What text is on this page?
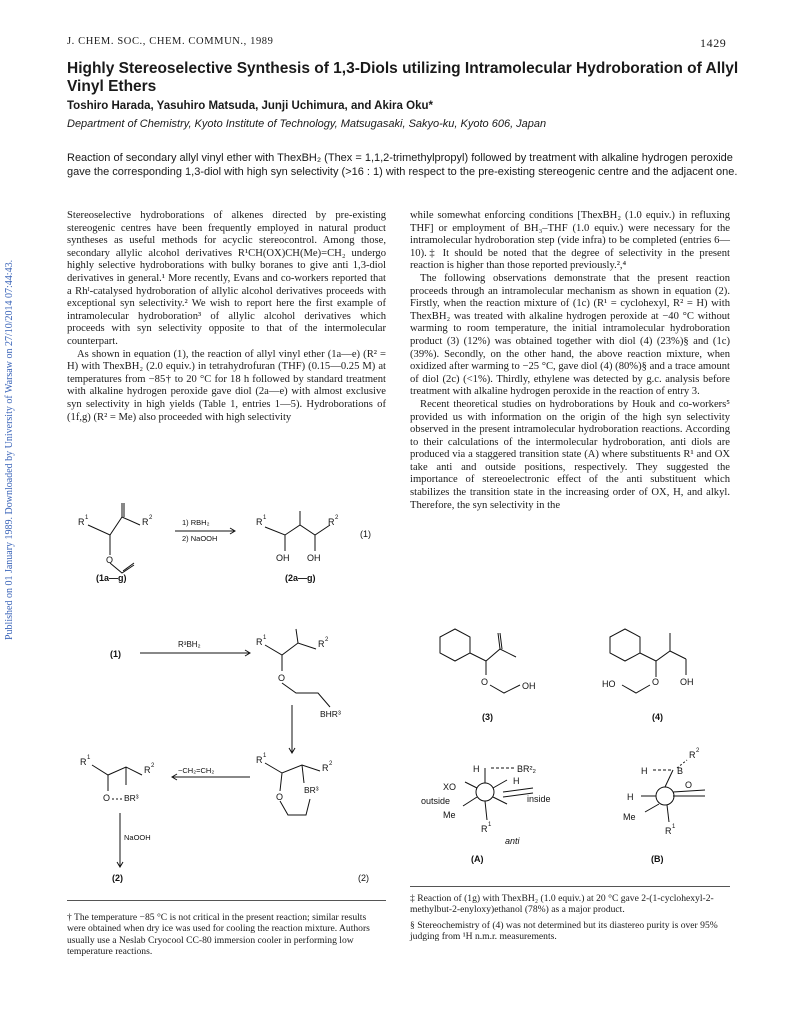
J. CHEM. SOC., CHEM. COMMUN., 1989	1429
Highly Stereoselective Synthesis of 1,3-Diols utilizing Intramolecular Hydroboration of Allyl Vinyl Ethers
Toshiro Harada, Yasuhiro Matsuda, Junji Uchimura, and Akira Oku*
Department of Chemistry, Kyoto Institute of Technology, Matsugasaki, Sakyo-ku, Kyoto 606, Japan
Reaction of secondary allyl vinyl ether with ThexBH₂ (Thex = 1,1,2-trimethylpropyl) followed by treatment with alkaline hydrogen peroxide gave the corresponding 1,3-diol with high syn selectivity (>16 : 1) with respect to the pre-existing stereogenic centre and the adjacent one.
Published on 01 January 1989. Downloaded by University of Warsaw on 27/10/2014 07:44:43.

Stereoselective hydroborations of alkenes directed by pre-existing stereogenic centres have been frequently employed in natural product syntheses as useful methods for acyclic stereocontrol. Among those, secondary allylic alcohol derivatives R¹CH(OX)CH(Me)=CH₂ undergo highly selective hydroborations with bulky boranes to give anti 1,3-diol derivatives in general.¹ More recently, Evans and co-workers reported that a Rhᴵ-catalysed hydroboration of allylic alcohol derivatives proceeds with exceptional syn selectivity.² We wish to report here the first example of intramolecular hydroboration³ of allylic alcohol derivatives which proceeds with syn selectivity opposite to that of the intermolecular counterpart.

As shown in equation (1), the reaction of allyl vinyl ether (1a—e) (R² = H) with ThexBH₂ (2.0 equiv.) in tetrahydrofuran (THF) (0.15—0.25 M) at temperatures from −85† to 20 °C for 18 h followed by standard treatment with alkaline hydrogen peroxide gave diol (2a—e) with almost exclusive syn selectivity in high yields (Table 1, entries 1—5). Hydroborations of (1f,g) (R² = Me) also proceeded with high selectivity

while somewhat enforcing conditions [ThexBH₂ (1.0 equiv.) in refluxing THF] or employment of BH₃–THF (1.0 equiv.) were necessary for the intramolecular hydroboration step (vide infra) to be completed (entries 6—10).‡ It should be noted that the degree of selectivity in the present reaction is higher than those reported previously.²,⁴

The following observations demonstrate that the present reaction proceeds through an intramolecular mechanism as shown in equation (2). Firstly, when the reaction mixture of (1c) (R¹ = cyclohexyl, R² = H) with ThexBH₂ was treated with alkaline hydrogen peroxide at −40 °C without warming to room temperature, the initial intramolecular hydroboration product (3) (12%) was obtained together with diol (4) (23%)§ and (1c) (39%). Secondly, on the other hand, the above reaction mixture, when oxidized after warming to −25 °C, gave diol (4) (80%)§ and a trace amount of diol (2c) (<1%). Thirdly, ethylene was detected by g.c. analysis before treatment with alkaline hydrogen peroxide in the reaction of entry 3.

Recent theoretical studies on hydroborations by Houk and co-workers⁵ provided us with information on the origin of the high syn selectivity observed in the present intramolecular hydroboration reactions. According to their calculations of the intermolecular hydroboration, anti diols are produced via a staggered transition state (A) where substituents R¹ and OX take anti and outside positions, respectively. They suggested the importance of stereoelectronic effect of the anti substituent which stabilizes the transition state in the increasing order of OX, H, and alkyl. Therefore, the syn selectivity in the

R 1	R 2
O
1) RBH₂
2) NaOOH
R 1	R 2
OH OH
(1)
(1a—g)	(2a—g)
(1)
R³BH₂	R 1
R 2
O
BHR³
R 1
R 2
O
BR³
−CH₂=CH₂
R 1
R 2
O BR³
NaOOH
(2)	(2)
O	OH	O
HO	OH
(3)	(4)
H	BR²₂
XO
outside
H
inside
Me
R 1
anti
(A)
H	B
R 2
O
H
Me
R 1
(B)

† The temperature −85 °C is not critical in the present reaction; similar results were obtained when dry ice was used for cooling the reaction mixture. Authors usually use a Neslab Cryocool CC-80 immersion cooler in performing low temperature reactions.

‡ Reaction of (1g) with ThexBH₂ (1.0 equiv.) at 20 °C gave 2-(1-cyclohexyl-2-methylbut-2-enyloxy)ethanol (78%) as a major product.

§ Stereochemistry of (4) was not determined but its diastereo purity is over 95% judging from ¹H n.m.r. measurements.
